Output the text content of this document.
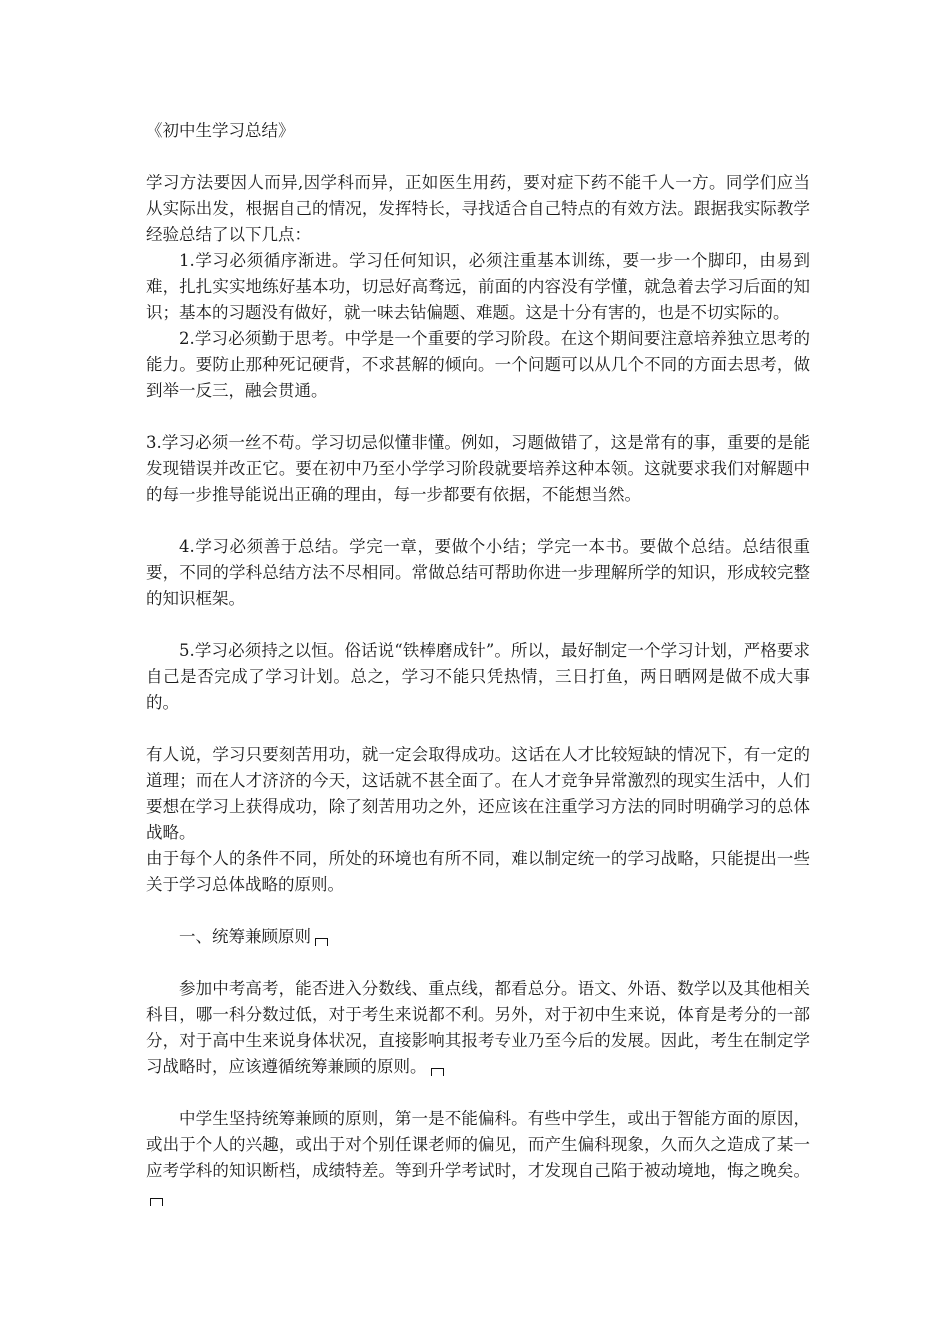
《初中生学习总结》

学习方法要因人而异,因学科而异，正如医生用药，要对症下药不能千人一方。同学们应当从实际出发，根据自己的情况，发挥特长，寻找适合自己特点的有效方法。跟据我实际教学经验总结了以下几点：

1.学习必须循序渐进。学习任何知识，必须注重基本训练，要一步一个脚印，由易到难，扎扎实实地练好基本功，切忌好高骛远，前面的内容没有学懂，就急着去学习后面的知识；基本的习题没有做好，就一味去钻偏题、难题。这是十分有害的，也是不切实际的。

2.学习必须勤于思考。中学是一个重要的学习阶段。在这个期间要注意培养独立思考的能力。要防止那种死记硬背，不求甚解的倾向。一个问题可以从几个不同的方面去思考，做到举一反三，融会贯通。

3.学习必须一丝不苟。学习切忌似懂非懂。例如，习题做错了，这是常有的事，重要的是能发现错误并改正它。要在初中乃至小学学习阶段就要培养这种本领。这就要求我们对解题中的每一步推导能说出正确的理由，每一步都要有依据，不能想当然。

4.学习必须善于总结。学完一章，要做个小结；学完一本书。要做个总结。总结很重要，不同的学科总结方法不尽相同。常做总结可帮助你进一步理解所学的知识，形成较完整的知识框架。

5.学习必须持之以恒。俗话说“铁棒磨成针”。所以，最好制定一个学习计划，严格要求自己是否完成了学习计划。总之，学习不能只凭热情，三日打鱼，两日晒网是做不成大事的。

有人说，学习只要刻苦用功，就一定会取得成功。这话在人才比较短缺的情况下，有一定的道理；而在人才济济的今天，这话就不甚全面了。在人才竞争异常激烈的现实生活中，人们要想在学习上获得成功，除了刻苦用功之外，还应该在注重学习方法的同时明确学习的总体战略。

由于每个人的条件不同，所处的环境也有所不同，难以制定统一的学习战略，只能提出一些关于学习总体战略的原则。

一、统筹兼顾原则

参加中考高考，能否进入分数线、重点线，都看总分。语文、外语、数学以及其他相关科目，哪一科分数过低，对于考生来说都不利。另外，对于初中生来说，体育是考分的一部分，对于高中生来说身体状况，直接影响其报考专业乃至今后的发展。因此，考生在制定学习战略时，应该遵循统筹兼顾的原则。

中学生坚持统筹兼顾的原则，第一是不能偏科。有些中学生，或出于智能方面的原因，或出于个人的兴趣，或出于对个别任课老师的偏见，而产生偏科现象，久而久之造成了某一应考学科的知识断档，成绩特差。等到升学考试时，才发现自己陷于被动境地，悔之晚矣。
